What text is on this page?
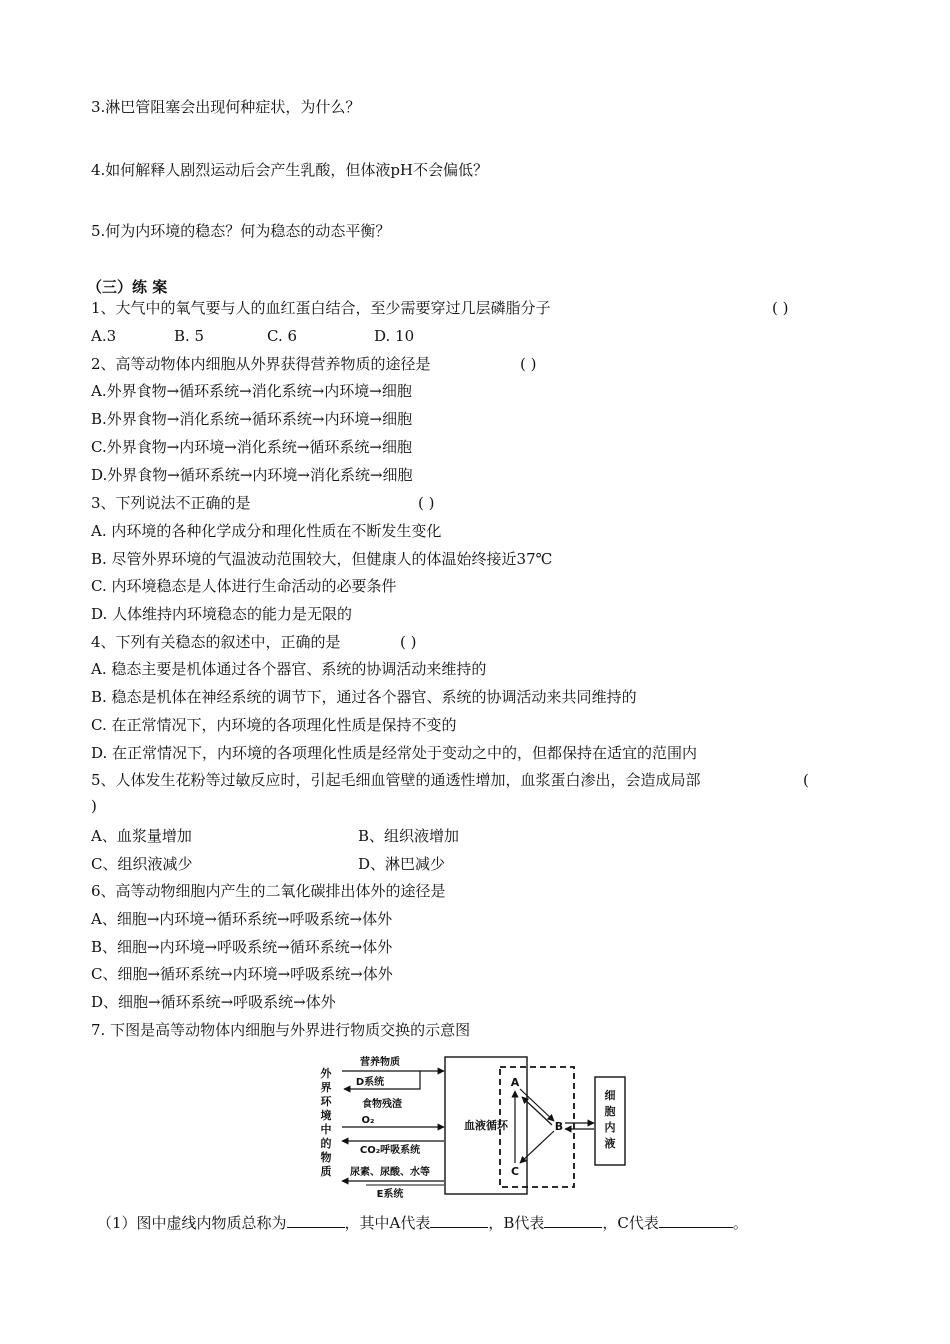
3.淋巴管阻塞会出现何种症状，为什么？
4.如何解释人剧烈运动后会产生乳酸，但体液pH不会偏低？
5.何为内环境的稳态？何为稳态的动态平衡？
（三）练 案
1、大气中的氧气要与人的血红蛋白结合，至少需要穿过几层磷脂分子	( )
A.3	B. 5	C. 6	D. 10
2、高等动物体内细胞从外界获得营养物质的途径是	( )
A.外界食物→循环系统→消化系统→内环境→细胞
B.外界食物→消化系统→循环系统→内环境→细胞
C.外界食物→内环境→消化系统→循环系统→细胞
D.外界食物→循环系统→内环境→消化系统→细胞
3、下列说法不正确的是	( )
A. 内环境的各种化学成分和理化性质在不断发生变化
B. 尽管外界环境的气温波动范围较大，但健康人的体温始终接近37℃
C. 内环境稳态是人体进行生命活动的必要条件
D. 人体维持内环境稳态的能力是无限的
4、下列有关稳态的叙述中，正确的是	( )
A. 稳态主要是机体通过各个器官、系统的协调活动来维持的
B. 稳态是机体在神经系统的调节下，通过各个器官、系统的协调活动来共同维持的
C. 在正常情况下，内环境的各项理化性质是保持不变的
D. 在正常情况下，内环境的各项理化性质是经常处于变动之中的，但都保持在适宜的范围内
5、人体发生花粉等过敏反应时，引起毛细血管壁的通透性增加，血浆蛋白渗出，会造成局部	(
)
A、血浆量增加	B、组织液增加
C、组织液减少	D、淋巴减少
6、高等动物细胞内产生的二氧化碳排出体外的途径是
A、细胞→内环境→循环系统→呼吸系统→体外
B、细胞→内环境→呼吸系统→循环系统→体外
C、细胞→循环系统→内环境→呼吸系统→体外
D、细胞→循环系统→呼吸系统→体外
7. 下图是高等动物体内细胞与外界进行物质交换的示意图
外界环境中的物质
血液循环
营养物质
D系统
食物残渣
O₂
CO₂呼吸系统
尿素、尿酸、水等
E系统
A
B
C
细胞内液
（1）图中虚线内物质总称为	，其中A代表	，B代表	，C代表	。
